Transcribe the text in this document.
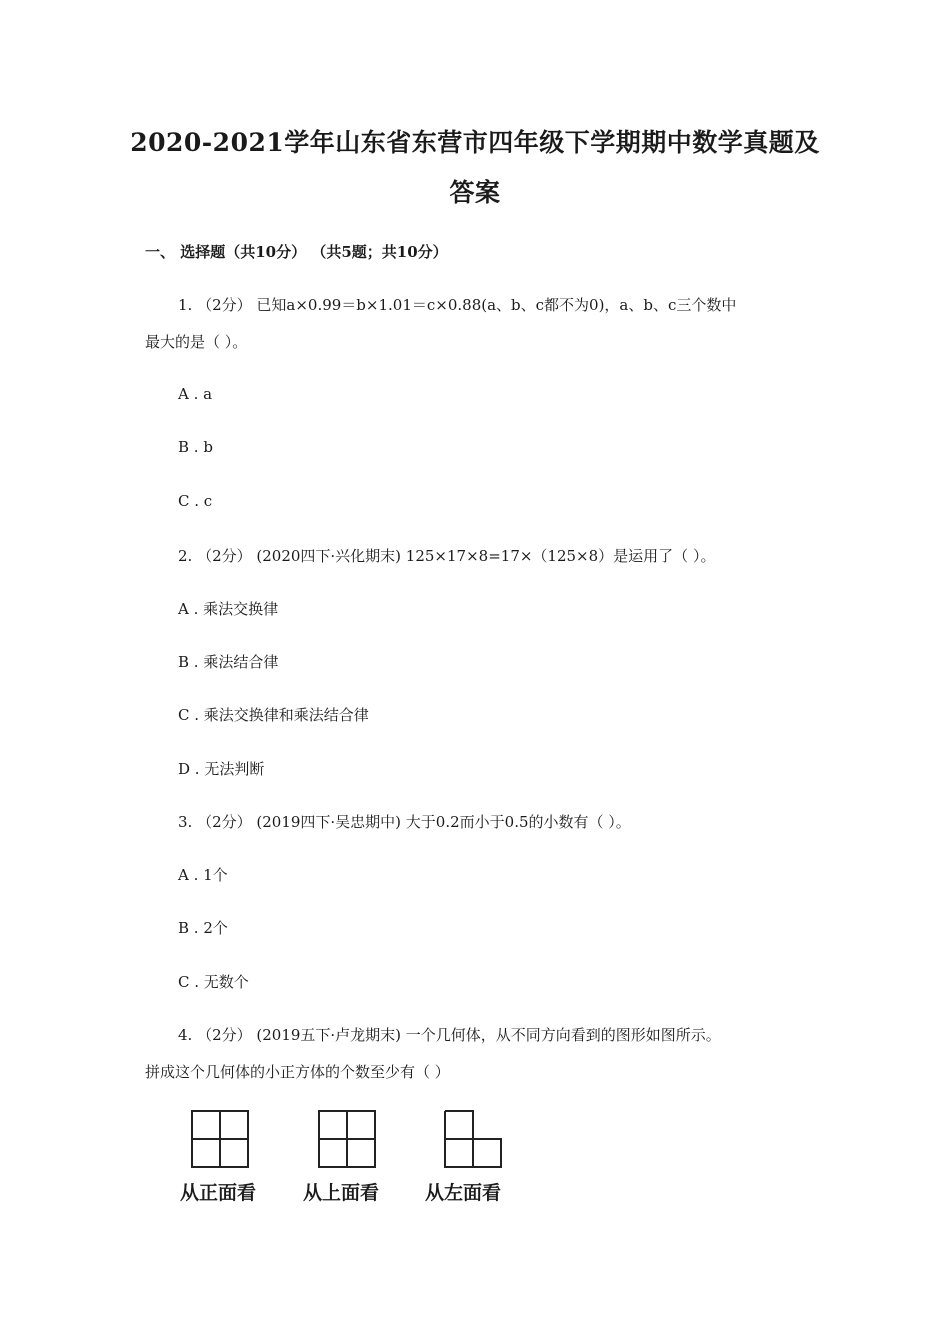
2020-2021学年山东省东营市四年级下学期期中数学真题及
答案
一、 选择题（共10分） （共5题；共10分）
1. （2分） 已知a×0.99＝b×1.01＝c×0.88(a、b、c都不为0)，a、b、c三个数中
最大的是（ ）。
A . a
B . b
C . c
2. （2分） (2020四下·兴化期末) 125×17×8=17×（125×8）是运用了（ ）。
A . 乘法交换律
B . 乘法结合律
C . 乘法交换律和乘法结合律
D . 无法判断
3. （2分） (2019四下·吴忠期中) 大于0.2而小于0.5的小数有（ ）。
A . 1个
B . 2个
C . 无数个
4. （2分） (2019五下·卢龙期末) 一个几何体，从不同方向看到的图形如图所示。
拼成这个几何体的小正方体的个数至少有（ ）
从正面看 从上面看 从左面看
